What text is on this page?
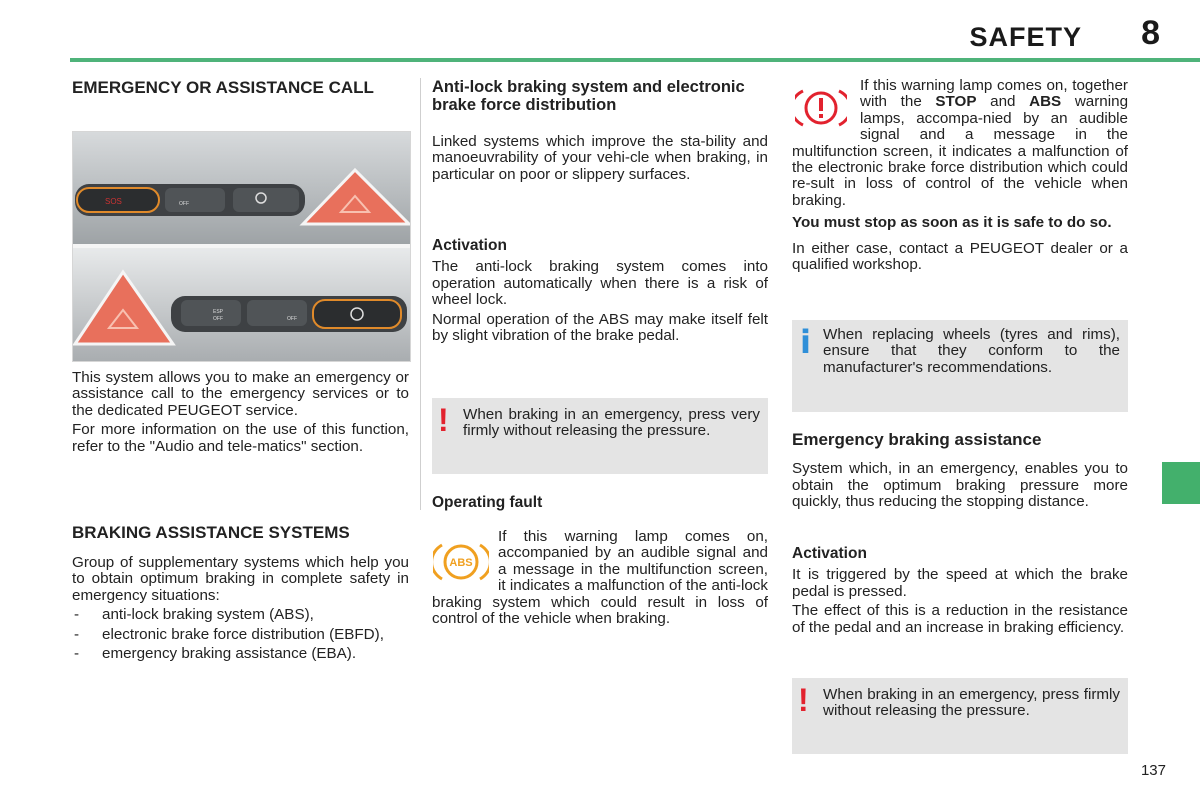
SAFETY 8
EMERGENCY OR ASSISTANCE CALL
SOS	OFF
ESP
OFF	OFF

This system allows you to make an emergency or assistance call to the emergency services or to the dedicated PEUGEOT service.

For more information on the use of this function, refer to the "Audio and tele-matics" section.

BRAKING ASSISTANCE SYSTEMS

Group of supplementary systems which help you to obtain optimum braking in complete safety in emergency situations:

- anti-lock braking system (ABS),
- electronic brake force distribution (EBFD),
- emergency braking assistance (EBA).
Anti-lock braking system and electronic brake force distribution

Linked systems which improve the sta-bility and manoeuvrability of your vehi-cle when braking, in particular on poor or slippery surfaces.

Activation

The anti-lock braking system comes into operation automatically when there is a risk of wheel lock.

Normal operation of the ABS may make itself felt by slight vibration of the brake pedal.

! When braking in an emergency, press very firmly without releasing the pressure.
Operating fault
ABS

If this warning lamp comes on, accompanied by an audible signal and a message in the multifunction screen, it indicates a malfunction of the anti-lock braking system which could result in loss of control of the vehicle when braking.

If this warning lamp comes on, together with the STOP and ABS warning lamps, accompa-nied by an audible signal and a message in the multifunction screen, it indicates a malfunction of the electronic brake force distribution which could re-sult in loss of control of the vehicle when braking.

You must stop as soon as it is safe to do so.

In either case, contact a PEUGEOT dealer or a qualified workshop.

i When replacing wheels (tyres and rims), ensure that they conform to the manufacturer's recommendations.
Emergency braking assistance

System which, in an emergency, enables you to obtain the optimum braking pressure more quickly, thus reducing the stopping distance.

Activation

It is triggered by the speed at which the brake pedal is pressed.

The effect of this is a reduction in the resistance of the pedal and an increase in braking efficiency.

! When braking in an emergency, press firmly without releasing the pressure.
137
